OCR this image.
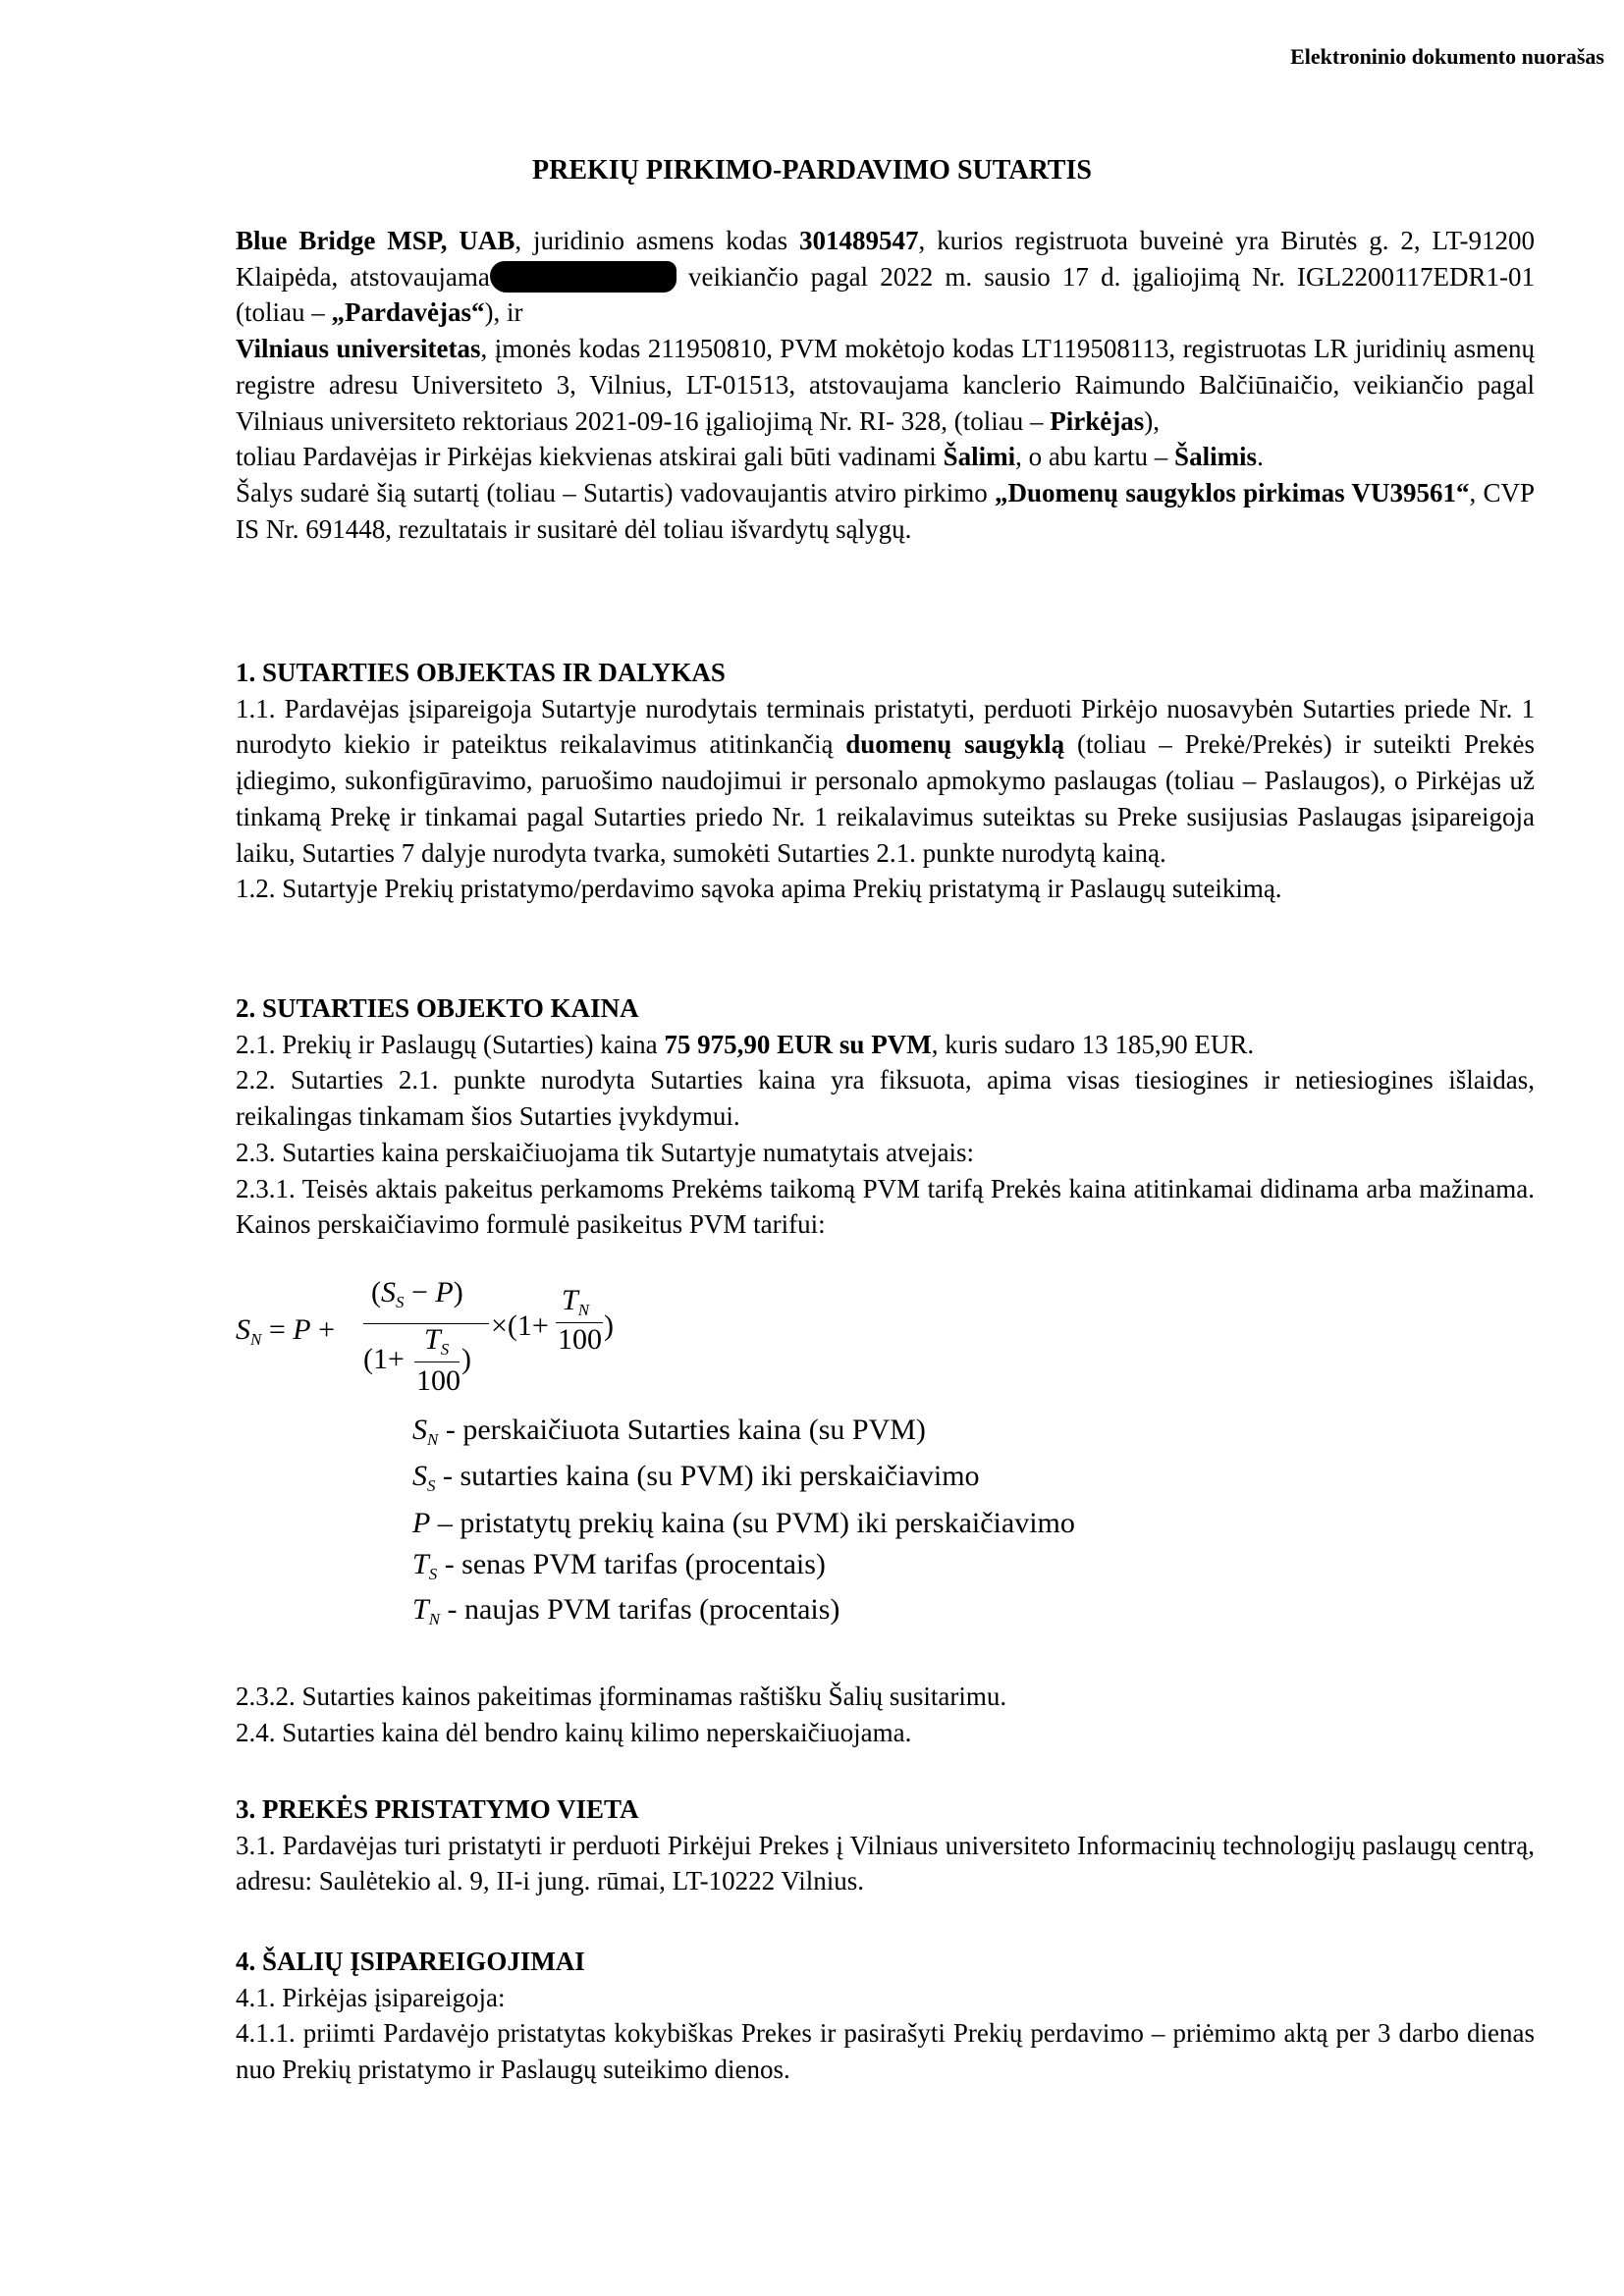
Elektroninio dokumento nuorašas
PREKIŲ PIRKIMO-PARDAVIMO SUTARTIS

Blue Bridge MSP, UAB, juridinio asmens kodas 301489547, kurios registruota buveinė yra Birutės g. 2, LT-91200 Klaipėda, atstovaujama	veikiančio pagal 2022 m. sausio 17 d. įgaliojimą Nr. IGL2200117EDR1-01 (toliau – „Pardavėjas“), ir

Vilniaus universitetas, įmonės kodas 211950810, PVM mokėtojo kodas LT119508113, registruotas LR juridinių asmenų registre adresu Universiteto 3, Vilnius, LT-01513, atstovaujama kanclerio Raimundo Balčiūnaičio, veikiančio pagal Vilniaus universiteto rektoriaus 2021-09-16 įgaliojimą Nr. RI- 328, (toliau – Pirkėjas),

toliau Pardavėjas ir Pirkėjas kiekvienas atskirai gali būti vadinami Šalimi, o abu kartu – Šalimis.

Šalys sudarė šią sutartį (toliau – Sutartis) vadovaujantis atviro pirkimo „Duomenų saugyklos pirkimas VU39561“, CVP IS Nr. 691448, rezultatais ir susitarė dėl toliau išvardytų sąlygų.

1. SUTARTIES OBJEKTAS IR DALYKAS

1.1. Pardavėjas įsipareigoja Sutartyje nurodytais terminais pristatyti, perduoti Pirkėjo nuosavybėn Sutarties priede Nr. 1 nurodyto kiekio ir pateiktus reikalavimus atitinkančią duomenų saugyklą (toliau – Prekė/Prekės) ir suteikti Prekės įdiegimo, sukonfigūravimo, paruošimo naudojimui ir personalo apmokymo paslaugas (toliau – Paslaugos), o Pirkėjas už tinkamą Prekę ir tinkamai pagal Sutarties priedo Nr. 1 reikalavimus suteiktas su Preke susijusias Paslaugas įsipareigoja laiku, Sutarties 7 dalyje nurodyta tvarka, sumokėti Sutarties 2.1. punkte nurodytą kainą.

1.2. Sutartyje Prekių pristatymo/perdavimo sąvoka apima Prekių pristatymą ir Paslaugų suteikimą.

2. SUTARTIES OBJEKTO KAINA

2.1. Prekių ir Paslaugų (Sutarties) kaina 75 975,90 EUR su PVM, kuris sudaro 13 185,90 EUR.

2.2. Sutarties 2.1. punkte nurodyta Sutarties kaina yra fiksuota, apima visas tiesiogines ir netiesiogines išlaidas, reikalingas tinkamam šios Sutarties įvykdymui.

2.3. Sutarties kaina perskaičiuojama tik Sutartyje numatytais atvejais:

2.3.1. Teisės aktais pakeitus perkamoms Prekėms taikomą PVM tarifą Prekės kaina atitinkamai didinama arba mažinama. Kainos perskaičiavimo formulė pasikeitus PVM tarifui:

$S_N = P$ +
$(S_S - P)$
(1+
$T_S$
100
)
×(1+
$T_N$
100 )
$S_N$ - perskaičiuota Sutarties kaina (su PVM)
$S_S$ - sutarties kaina (su PVM) iki perskaičiavimo
P – pristatytų prekių kaina (su PVM) iki perskaičiavimo
$T_S$ - senas PVM tarifas (procentais)
$T_N$ - naujas PVM tarifas (procentais)

2.3.2. Sutarties kainos pakeitimas įforminamas raštišku Šalių susitarimu.

2.4. Sutarties kaina dėl bendro kainų kilimo neperskaičiuojama.

3. PREKĖS PRISTATYMO VIETA

3.1. Pardavėjas turi pristatyti ir perduoti Pirkėjui Prekes į Vilniaus universiteto Informacinių technologijų paslaugų centrą, adresu: Saulėtekio al. 9, II-i jung. rūmai, LT-10222 Vilnius.

4. ŠALIŲ ĮSIPAREIGOJIMAI

4.1. Pirkėjas įsipareigoja:

4.1.1. priimti Pardavėjo pristatytas kokybiškas Prekes ir pasirašyti Prekių perdavimo – priėmimo aktą per 3 darbo dienas nuo Prekių pristatymo ir Paslaugų suteikimo dienos.
